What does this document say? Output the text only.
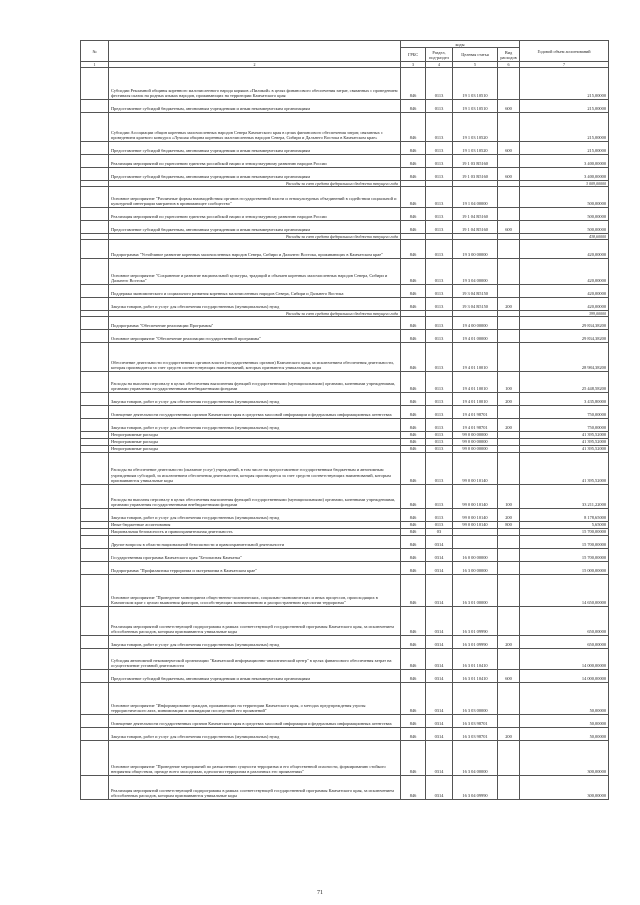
№		коды				Годовой объем ассигнований
		ГРБС	Раздел, под-раздел	Целевая статья	Вид расходов	
1	2	3	4	5	6	7
	Субсидии Рекламной общины коренного малочисленного народа коряков «Пиликой» в целях финансового обеспечения затрат, связанных с проведением фестиваля сказок на родных языках народов, проживающих на территории Камчатского края	846	0113	19 1 03 10510		215,00000
	Предоставление субсидий бюджетным, автономным учреждениям и иным некоммерческим организациям	846	0113	19 1 03 10510	600	215,00000
	Субсидии Ассоциации общин коренных малочисленных народов Севера Камчатского края в целях финансового обеспечения затрат, связанных с проведением краевого конкурса «Лучшая община коренных малочисленных народов Севера, Сибири и Дальнего Востока в Камчатском крае»	846	0113	19 1 03 10520		215,00000
	Предоставление субсидий бюджетным, автономным учреждениям и иным некоммерческим организациям	846	0113	19 1 03 10520	600	215,00000
	Реализация мероприятий по укреплению единства российской нации и этнокультурному развитию народов России	846	0113	19 1 03 R5160		3 400,00000
	Предоставление субсидий бюджетным, автономным учреждениям и иным некоммерческим организациям	846	0113	19 1 03 R5160	600	3 400,00000
	Расходы за счет средств федерального бюджета текущего года					3 009,00000
	Основное мероприятие "Различные формы взаимодействия органов государственной власти и этнокультурных объединений в содействии социальной и культурной интеграции мигрантов в принимающее сообщество"	846	0113	19 1 04 00000		500,00000
	Реализация мероприятий по укреплению единства российской нации и этнокультурному развитию народов России	846	0113	19 1 04 R5160		500,00000
	Предоставление субсидий бюджетным, автономным учреждениям и иным некоммерческим организациям	846	0113	19 1 04 R5160	600	500,00000
	Расходы за счет средств федерального бюджета текущего года					438,60000
	Подпрограмма "Устойчивое развитие коренных малочисленных народов Севера, Сибири и Дальнего Востока, проживающих в Камчатском крае"	846	0113	19 3 00 00000		420,00000
	Основное мероприятие "Сохранение и развитие национальной культуры, традиций и обычаев коренных малочисленных народов Севера, Сибири и Дальнего Востока"	846	0113	19 3 04 00000		420,00000
	Поддержка экономического и социального развития коренных малочисленных народов Севера, Сибири и Дальнего Востока	846	0113	19 3 04 R5150		420,00000
	Закупка товаров, работ и услуг для обеспечения государственных (муниципальных) нужд	846	0113	19 3 04 R5150	200	420,00000
	Расходы за счет средств федерального бюджета текущего года					399,00000
	Подпрограмма "Обеспечение реализации Программы"	846	0113	19 4 00 00000		29 834,38200
	Основное мероприятие "Обеспечение реализации государственной программы"	846	0113	19 4 01 00000		29 834,38200
	Обеспечение деятельности государственных органов власти (государственных органов) Камчатского края, за исключением обеспечения деятельности, которая производится за счет средств соответствующих наименований, которых признаются уникальными коды	846	0113	19 4 01 10010		28 984,38200
	Расходы на выплаты персоналу в целях обеспечения выполнения функций государственными (муниципальными) органами, казенными учреждениями, органами управления государственными внебюджетными фондами	846	0113	19 4 01 10010	100	25 448,58200
	Закупка товаров, работ и услуг для обеспечения государственных (муниципальных) нужд	846	0113	19 4 01 10010	200	3 435,80000
	Освещение деятельности государственных органов Камчатского края в средствах массовой информации и федеральных информационных агентствах	846	0113	19 4 01 98701		750,00000
	Закупка товаров, работ и услуг для обеспечения государственных (муниципальных) нужд	846	0113	19 4 01 98701	200	750,00000
	Непрограммные расходы	846	0113	99 0 00 00000		41 395,52000
	Непрограммные расходы	846	0113	99 0 00 00000		41 395,52000
	Непрограммные расходы	846	0113	99 0 00 00000		41 395,52000
	Расходы на обеспечение деятельности (оказание услуг) учреждений, в том числе на предоставление государственным бюджетным и автономным учреждениям субсидий, за исключением обеспечения деятельности, которая производится за счет средств соответствующих наименований, которым присваиваются уникальные коды	846	0113	99 0 00 10140		41 395,52000
	Расходы на выплаты персоналу в целях обеспечения выполнения функций государственными (муниципальными) органами, казенными учреждениями, органами управления государственными внебюджетными фондами	846	0113	99 0 00 10140	100	33 211,22000
	Закупка товаров, работ и услуг для обеспечения государственных (муниципальных) нужд	846	0113	99 0 00 10140	200	8 178,65000
	Иные бюджетные ассигнования	846	0113	99 0 00 10140	800	5,65000
	Национальная безопасность и правоохранительная деятельность	846	03			15 700,00000
	Другие вопросы в области национальной безопасности и правоохранительной деятельности	846	0314			15 700,00000
	Государственная программа Камчатского края "Безопасная Камчатка"	846	0314	16 0 00 00000		15 700,00000
	Подпрограмма "Профилактика терроризма и экстремизма в Камчатском крае"	846	0314	16 3 00 00000		15 000,00000
	Основное мероприятие "Проведение мониторинга общественно-политических, социально-экономических и иных процессов, происходящих в Камчатском крае с целью выявления факторов, способствующих возникновению и распространению идеологии терроризма"	846	0314	16 3 01 00000		14 650,00000
	Реализация мероприятий соответствующей подпрограммы в рамках соответствующей государственной программы Камчатского края, за исключением обособленных расходов, которым присваиваются уникальные коды	846	0314	16 3 01 09990		650,00000
	Закупка товаров, работ и услуг для обеспечения государственных (муниципальных) нужд	846	0314	16 3 01 09990	200	650,00000
	Субсидия автономной некоммерческой организации "Камчатский информационно-аналитический центр" в целях финансового обеспечения затрат на осуществление уставной деятельности	846	0314	16 3 01 10410		14 000,00000
	Предоставление субсидий бюджетным, автономным учреждениям и иным некоммерческим организациям	846	0314	16 3 01 10410	600	14 000,00000
	Основное мероприятие "Информирование граждан, проживающих на территории Камчатского края, о методах предупреждения угрозы террористического акта, минимизации и ликвидации последствий его проявлений"	846	0314	16 3 03 00000		50,00000
	Освещение деятельности государственных органов Камчатского края в средствах массовой информации и федеральных информационных агентствах	846	0314	16 3 03 98701		50,00000
	Закупка товаров, работ и услуг для обеспечения государственных (муниципальных) нужд	846	0314	16 3 03 98701	200	50,00000
	Основное мероприятие "Проведение мероприятий по разъяснению сущности терроризма и его общественной опасности, формированию стойкого неприятия обществом, прежде всего молодежью, идеологии терроризма в различных его проявлениях"	846	0314	16 3 04 00000		300,00000
	Реализация мероприятий соответствующей подпрограммы в рамках соответствующей государственной программы Камчатского края, за исключением обособленных расходов, которым присваиваются уникальные коды	846	0314	16 3 04 09990		300,00000
71
